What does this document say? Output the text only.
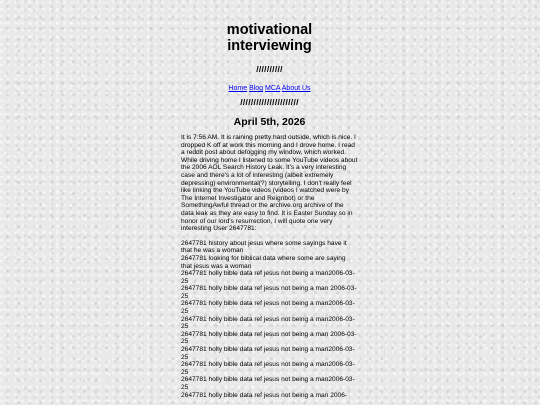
motivational
interviewing
//////////
Home Blog MCA About Us
//////////////////////
April 5th, 2026

It is 7:56 AM. It is raining pretty hard outside, which is nice. I dropped K off at work this morning and I drove home. I read a reddit post about defogging my window, which worked. While driving home I listened to some YouTube videos about the 2006 AOL Search History Leak. It's a very interesting case and there's a lot of interesting (albeit extremely depressing) environmental(?) storytelling. I don't really feel like linking the YouTube videos (videos I watched were by The Internet Investigator and Reignbot) or the SomethingAwful thread or the archive.org archive of the data leak as they are easy to find. It is Easter Sunday so in honor of our lord's resurrection, I will quote one very interesting User 2647781:

2647781 history about jesus where some sayings have it that he was a woman
2647781 looking for biblical data where some are saying that jesus was a woman
2647781 holly bible data ref jesus not being a man2006-03-25
2647781 holly bible data ref jesus not being a man 2006-03-25
2647781 holly bible data ref jesus not being a man2006-03-25
2647781 holly bible data ref jesus not being a man2006-03-25
2647781 holly bible data ref jesus not being a man 2006-03-25
2647781 holly bible data ref jesus not being a man2006-03-25
2647781 holly bible data ref jesus not being a man2006-03-25
2647781 holly bible data ref jesus not being a man2006-03-25
2647781 holly bible data ref jesus not being a man 2006-
